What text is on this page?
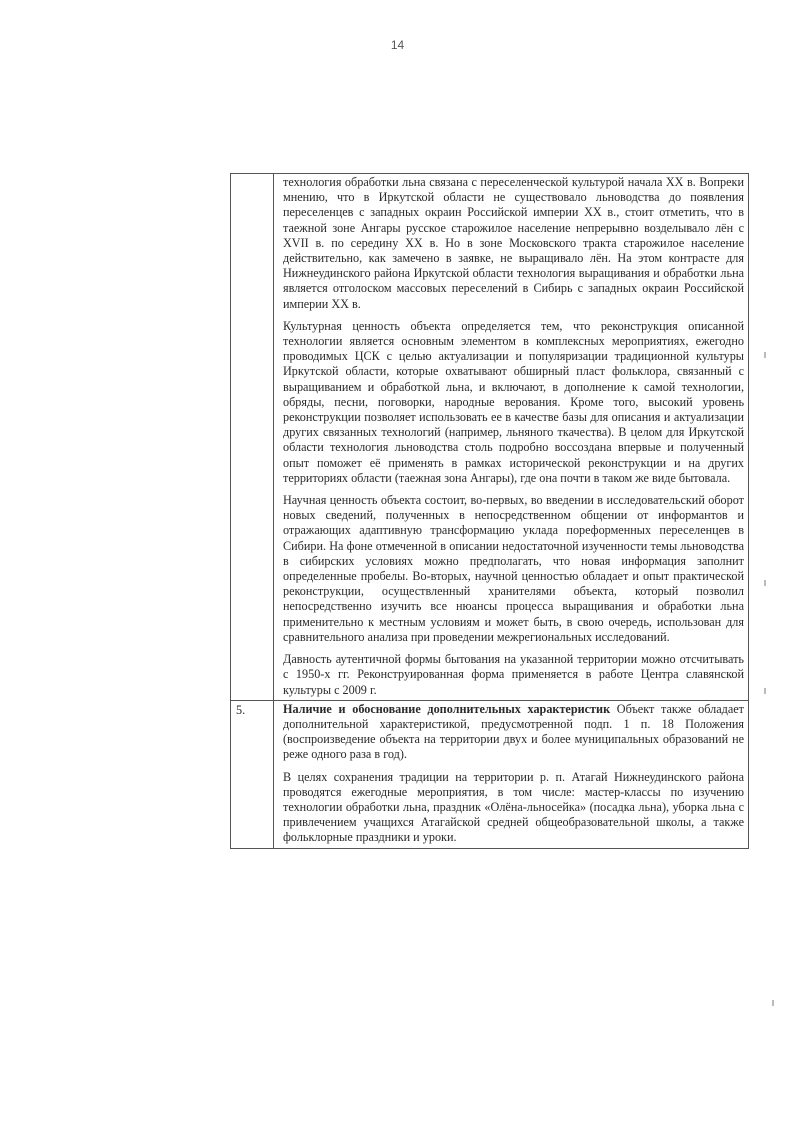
14

	технология обработки льна связана с переселенческой культурой начала XX в. Вопреки мнению, что в Иркутской области не существовало льноводства до появления переселенцев с западных окраин Российской империи XX в., стоит отметить, что в таежной зоне Ангары русское старожилое население непрерывно возделывало лён с XVII в. по середину XX в. Но в зоне Московского тракта старожилое население действительно, как замечено в заявке, не выращивало лён. На этом контрасте для Нижнеудинского района Иркутской области технология выращивания и обработки льна является отголоском массовых переселений в Сибирь с западных окраин Российской империи XX в.

Культурная ценность объекта определяется тем, что реконструкция описанной технологии является основным элементом в комплексных мероприятиях, ежегодно проводимых ЦСК с целью актуализации и популяризации традиционной культуры Иркутской области, которые охватывают обширный пласт фольклора, связанный с выращиванием и обработкой льна, и включают, в дополнение к самой технологии, обряды, песни, поговорки, народные верования. Кроме того, высокий уровень реконструкции позволяет использовать ее в качестве базы для описания и актуализации других связанных технологий (например, льняного ткачества). В целом для Иркутской области технология льноводства столь подробно воссоздана впервые и полученный опыт поможет её применять в рамках исторической реконструкции и на других территориях области (таежная зона Ангары), где она почти в таком же виде бытовала.

Научная ценность объекта состоит, во-первых, во введении в исследовательский оборот новых сведений, полученных в непосредственном общении от информантов и отражающих адаптивную трансформацию уклада пореформенных переселенцев в Сибири. На фоне отмеченной в описании недостаточной изученности темы льноводства в сибирских условиях можно предполагать, что новая информация заполнит определенные пробелы. Во-вторых, научной ценностью обладает и опыт практической реконструкции, осуществленный хранителями объекта, который позволил непосредственно изучить все нюансы процесса выращивания и обработки льна применительно к местным условиям и может быть, в свою очередь, использован для сравнительного анализа при проведении межрегиональных исследований.

Давность аутентичной формы бытования на указанной территории можно отсчитывать с 1950-х гг. Реконструированная форма применяется в работе Центра славянской культуры с 2009 г.

5.	Наличие и обоснование дополнительных характеристик Объект также обладает дополнительной характеристикой, предусмотренной подп. 1 п. 18 Положения (воспроизведение объекта на территории двух и более муниципальных образований не реже одного раза в год).

В целях сохранения традиции на территории р. п. Атагай Нижнеудинского района проводятся ежегодные мероприятия, в том числе: мастер-классы по изучению технологии обработки льна, праздник «Олёна-льносейка» (посадка льна), уборка льна с привлечением учащихся Атагайской средней общеобразовательной школы, а также фольклорные праздники и уроки.
